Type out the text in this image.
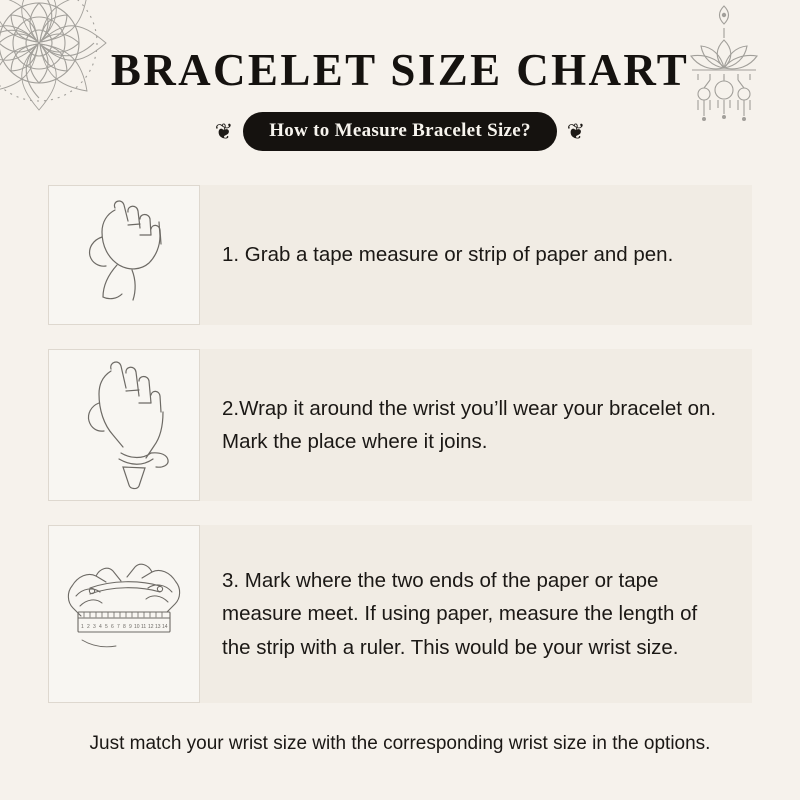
BRACELET SIZE CHART
❦	How to Measure Bracelet Size?	❦
1. Grab a tape measure or strip of paper and pen.
2.Wrap it around the wrist you’ll wear your bracelet on. Mark the place where it joins.
1 2 3 4 5 6 7 8 9 10 11 12 13 14
3. Mark where the two ends of the paper or tape measure meet. If using paper, measure the length of the strip with a ruler. This would be your wrist size.
Just match your wrist size with the corresponding wrist size in the options.
